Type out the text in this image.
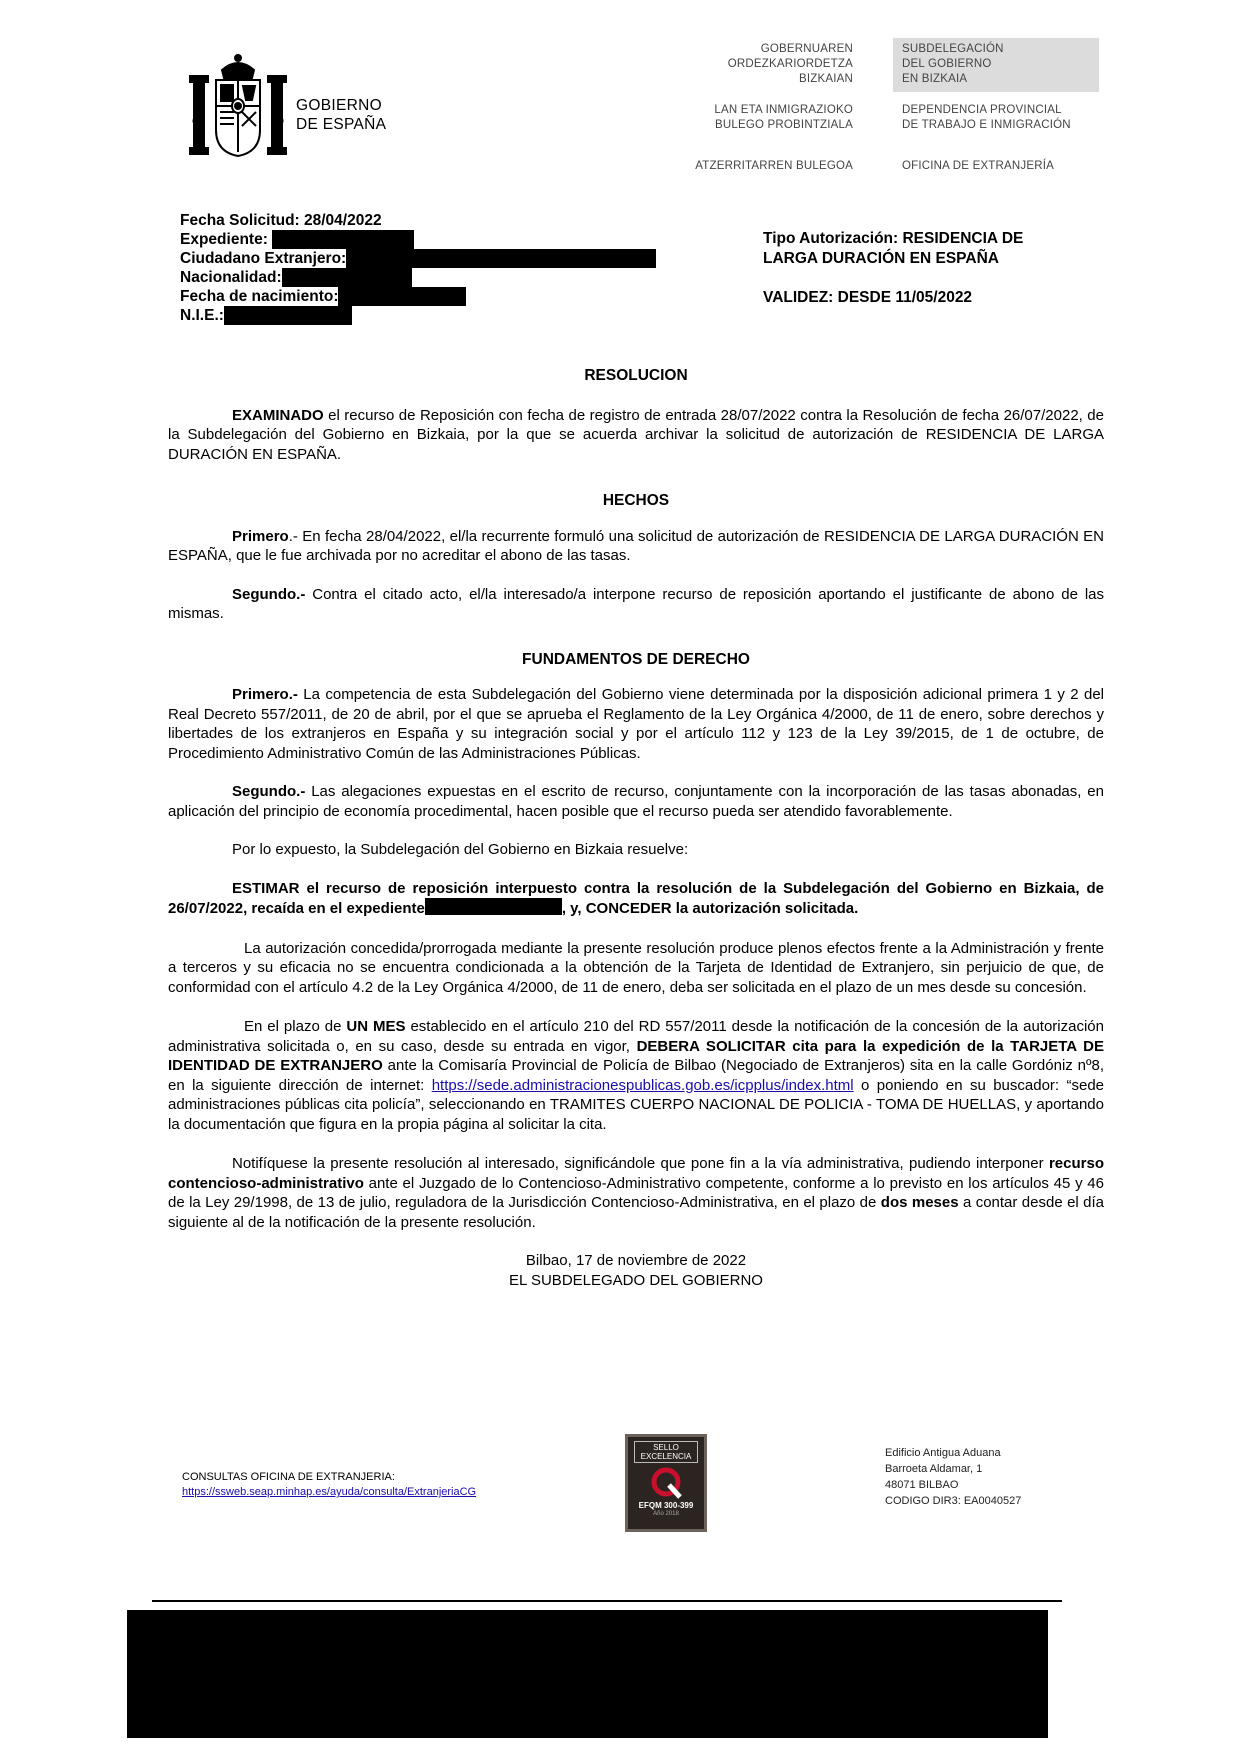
GOBIERNO
DE ESPAÑA
GOBERNUAREN
ORDEZKARIORDETZA
BIZKAIAN
SUBDELEGACIÓN
DEL GOBIERNO
EN BIZKAIA
LAN ETA INMIGRAZIOKO
BULEGO PROBINTZIALA
DEPENDENCIA PROVINCIAL
DE TRABAJO E INMIGRACIÓN
ATZERRITARREN BULEGOA	OFICINA DE EXTRANJERÍA
Fecha Solicitud: 28/04/2022
Expediente:
Ciudadano Extranjero:
Nacionalidad:
Fecha de nacimiento:
N.I.E.:
Tipo Autorización: RESIDENCIA DE
LARGA DURACIÓN EN ESPAÑA
VALIDEZ: DESDE 11/05/2022
RESOLUCION

EXAMINADO el recurso de Reposición con fecha de registro de entrada 28/07/2022 contra la Resolución de fecha 26/07/2022, de la Subdelegación del Gobierno en Bizkaia, por la que se acuerda archivar la solicitud de autorización de RESIDENCIA DE LARGA DURACIÓN EN ESPAÑA.

HECHOS

Primero.- En fecha 28/04/2022, el/la recurrente formuló una solicitud de autorización de RESIDENCIA DE LARGA DURACIÓN EN ESPAÑA, que le fue archivada por no acreditar el abono de las tasas.

Segundo.- Contra el citado acto, el/la interesado/a interpone recurso de reposición aportando el justificante de abono de las mismas.

FUNDAMENTOS DE DERECHO

Primero.- La competencia de esta Subdelegación del Gobierno viene determinada por la disposición adicional primera 1 y 2 del Real Decreto 557/2011, de 20 de abril, por el que se aprueba el Reglamento de la Ley Orgánica 4/2000, de 11 de enero, sobre derechos y libertades de los extranjeros en España y su integración social y por el artículo 112 y 123 de la Ley 39/2015, de 1 de octubre, de Procedimiento Administrativo Común de las Administraciones Públicas.

Segundo.- Las alegaciones expuestas en el escrito de recurso, conjuntamente con la incorporación de las tasas abonadas, en aplicación del principio de economía procedimental, hacen posible que el recurso pueda ser atendido favorablemente.

Por lo expuesto, la Subdelegación del Gobierno en Bizkaia resuelve:

ESTIMAR el recurso de reposición interpuesto contra la resolución de la Subdelegación del Gobierno en Bizkaia, de 26/07/2022, recaída en el expediente	, y, CONCEDER la autorización solicitada.

La autorización concedida/prorrogada mediante la presente resolución produce plenos efectos frente a la Administración y frente a terceros y su eficacia no se encuentra condicionada a la obtención de la Tarjeta de Identidad de Extranjero, sin perjuicio de que, de conformidad con el artículo 4.2 de la Ley Orgánica 4/2000, de 11 de enero, deba ser solicitada en el plazo de un mes desde su concesión.

En el plazo de UN MES establecido en el artículo 210 del RD 557/2011 desde la notificación de la concesión de la autorización administrativa solicitada o, en su caso, desde su entrada en vigor, DEBERA SOLICITAR cita para la expedición de la TARJETA DE IDENTIDAD DE EXTRANJERO ante la Comisaría Provincial de Policía de Bilbao (Negociado de Extranjeros) sita en la calle Gordóniz nº8, en la siguiente dirección de internet: https://sede.administracionespublicas.gob.es/icpplus/index.html o poniendo en su buscador: “sede administraciones públicas cita policía”, seleccionando en TRAMITES CUERPO NACIONAL DE POLICIA - TOMA DE HUELLAS, y aportando la documentación que figura en la propia página al solicitar la cita.

Notifíquese la presente resolución al interesado, significándole que pone fin a la vía administrativa, pudiendo interponer recurso contencioso-administrativo ante el Juzgado de lo Contencioso-Administrativo competente, conforme a lo previsto en los artículos 45 y 46 de la Ley 29/1998, de 13 de julio, reguladora de la Jurisdicción Contencioso-Administrativa, en el plazo de dos meses a contar desde el día siguiente al de la notificación de la presente resolución.

Bilbao, 17 de noviembre de 2022
EL SUBDELEGADO DEL GOBIERNO
CONSULTAS OFICINA DE EXTRANJERIA:
https://ssweb.seap.minhap.es/ayuda/consulta/ExtranjeriaCG
SELLO
EXCELENCIA
EFQM 300-399
Año 2018
Edificio Antigua Aduana
Barroeta Aldamar, 1
48071 BILBAO
CODIGO DIR3: EA0040527
